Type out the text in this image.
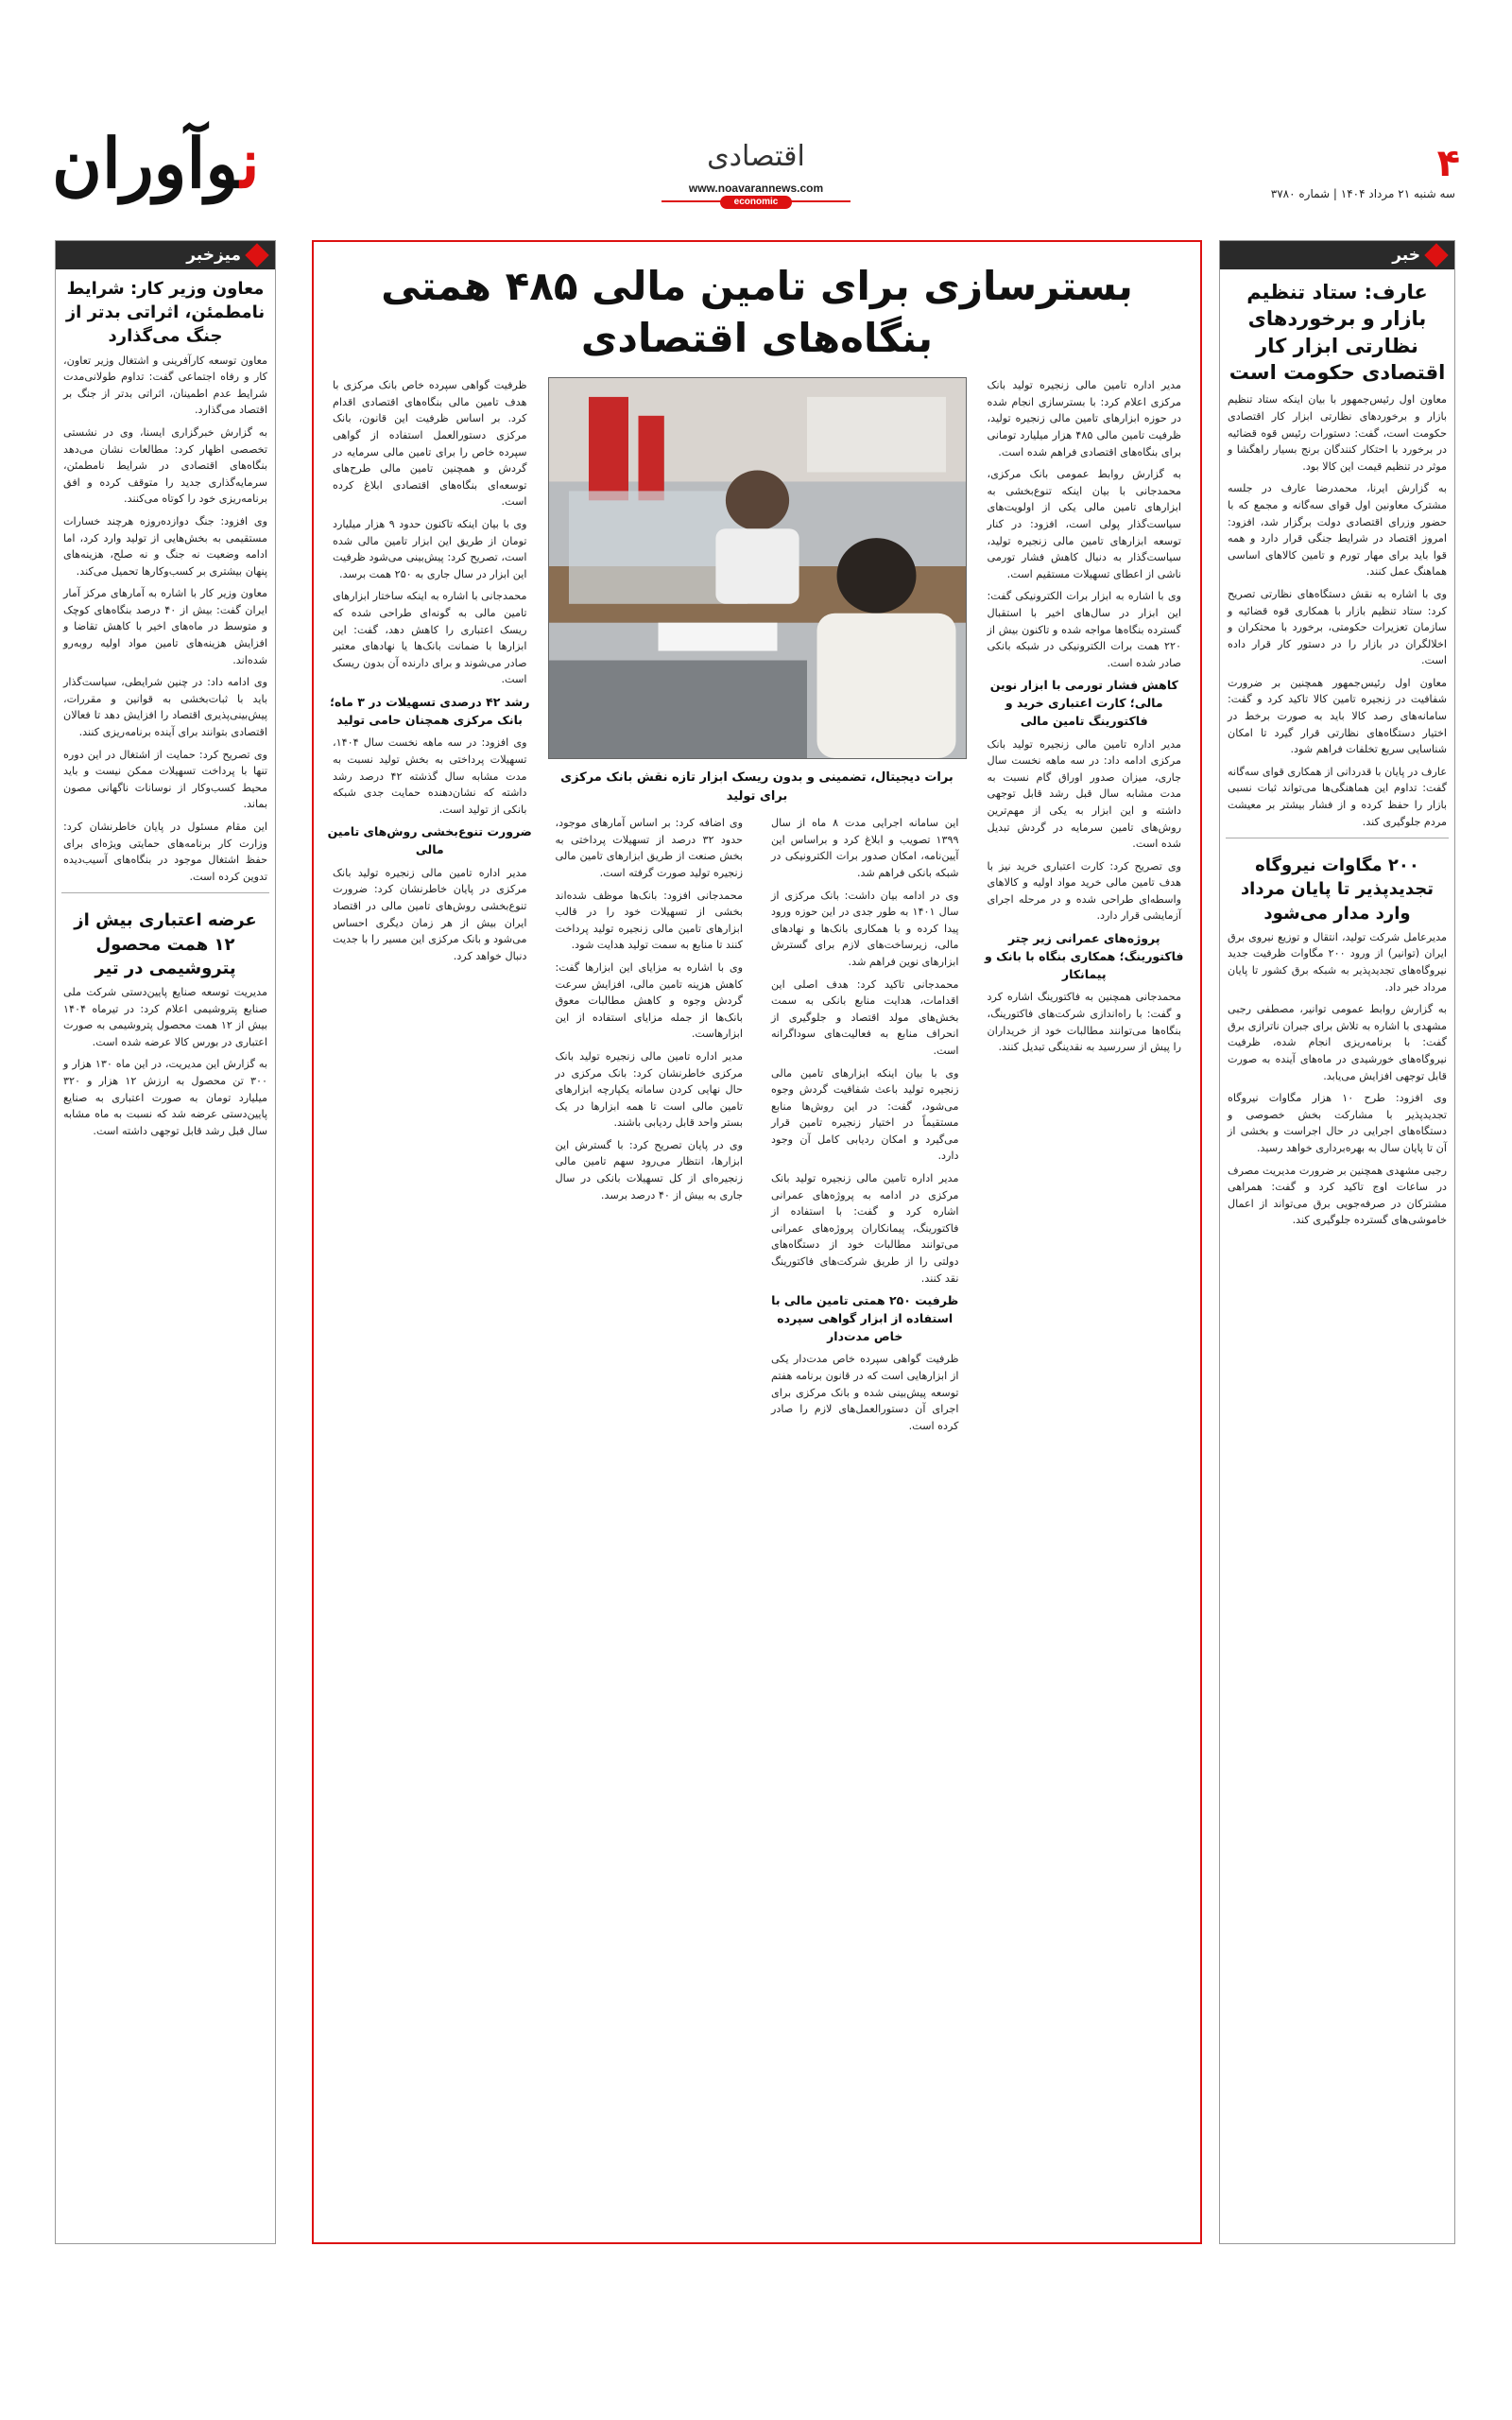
۴
سه شنبه ۲۱ مرداد ۱۴۰۴ | شماره ۳۷۸۰
اقتصادی
www.noavarannews.com
economic
نوآوران
خبر
عارف: ستاد تنظیم بازار و برخوردهای نظارتی ابزار کار اقتصادی حکومت است

معاون اول رئیس‌جمهور با بیان اینکه ستاد تنظیم بازار و برخوردهای نظارتی ابزار کار اقتصادی حکومت است، گفت: دستورات رئیس قوه قضائیه در برخورد با احتکار کنندگان برنج بسیار راهگشا و موثر در تنظیم قیمت این کالا بود.

به گزارش ایرنا، محمدرضا عارف در جلسه مشترک معاونین اول قوای سه‌گانه و مجمع که با حضور وزرای اقتصادی دولت برگزار شد، افزود: امروز اقتصاد در شرایط جنگی قرار دارد و همه قوا باید برای مهار تورم و تامین کالاهای اساسی هماهنگ عمل کنند.

وی با اشاره به نقش دستگاه‌های نظارتی تصریح کرد: ستاد تنظیم بازار با همکاری قوه قضائیه و سازمان تعزیرات حکومتی، برخورد با محتکران و اخلالگران در بازار را در دستور کار قرار داده است.

معاون اول رئیس‌جمهور همچنین بر ضرورت شفافیت در زنجیره تامین کالا تاکید کرد و گفت: سامانه‌های رصد کالا باید به صورت برخط در اختیار دستگاه‌های نظارتی قرار گیرد تا امکان شناسایی سریع تخلفات فراهم شود.

عارف در پایان با قدردانی از همکاری قوای سه‌گانه گفت: تداوم این هماهنگی‌ها می‌تواند ثبات نسبی بازار را حفظ کرده و از فشار بیشتر بر معیشت مردم جلوگیری کند.

۲۰۰ مگاوات نیروگاه تجدیدپذیر تا پایان مرداد وارد مدار می‌شود

مدیرعامل شرکت تولید، انتقال و توزیع نیروی برق ایران (توانیر) از ورود ۲۰۰ مگاوات ظرفیت جدید نیروگاه‌های تجدیدپذیر به شبکه برق کشور تا پایان مرداد خبر داد.

به گزارش روابط عمومی توانیر، مصطفی رجبی مشهدی با اشاره به تلاش برای جبران ناترازی برق گفت: با برنامه‌ریزی انجام شده، ظرفیت نیروگاه‌های خورشیدی در ماه‌های آینده به صورت قابل توجهی افزایش می‌یابد.

وی افزود: طرح ۱۰ هزار مگاوات نیروگاه تجدیدپذیر با مشارکت بخش خصوصی و دستگاه‌های اجرایی در حال اجراست و بخشی از آن تا پایان سال به بهره‌برداری خواهد رسید.

رجبی مشهدی همچنین بر ضرورت مدیریت مصرف در ساعات اوج تاکید کرد و گفت: همراهی مشترکان در صرفه‌جویی برق می‌تواند از اعمال خاموشی‌های گسترده جلوگیری کند.

بسترسازی برای تامین مالی ۴۸۵ همتی بنگاه‌های اقتصادی

مدیر اداره تامین مالی زنجیره تولید بانک مرکزی اعلام کرد: با بسترسازی انجام شده در حوزه ابزارهای تامین مالی زنجیره تولید، ظرفیت تامین مالی ۴۸۵ هزار میلیارد تومانی برای بنگاه‌های اقتصادی فراهم شده است.

به گزارش روابط عمومی بانک مرکزی، محمدجانی با بیان اینکه تنوع‌بخشی به ابزارهای تامین مالی یکی از اولویت‌های سیاست‌گذار پولی است، افزود: در کنار توسعه ابزارهای تامین مالی زنجیره تولید، سیاست‌گذار به دنبال کاهش فشار تورمی ناشی از اعطای تسهیلات مستقیم است.

وی با اشاره به ابزار برات الکترونیکی گفت: این ابزار در سال‌های اخیر با استقبال گسترده بنگاه‌ها مواجه شده و تاکنون بیش از ۲۲۰ همت برات الکترونیکی در شبکه بانکی صادر شده است.

کاهش فشار تورمی با ابزار نوین مالی؛ کارت اعتباری خرید و فاکتورینگ تامین مالی

مدیر اداره تامین مالی زنجیره تولید بانک مرکزی ادامه داد: در سه ماهه نخست سال جاری، میزان صدور اوراق گام نسبت به مدت مشابه سال قبل رشد قابل توجهی داشته و این ابزار به یکی از مهم‌ترین روش‌های تامین سرمایه در گردش تبدیل شده است.

وی تصریح کرد: کارت اعتباری خرید نیز با هدف تامین مالی خرید مواد اولیه و کالاهای واسطه‌ای طراحی شده و در مرحله اجرای آزمایشی قرار دارد.

پروژه‌های عمرانی زیر چتر فاکتورینگ؛ همکاری بنگاه با بانک و پیمانکار

محمدجانی همچنین به فاکتورینگ اشاره کرد و گفت: با راه‌اندازی شرکت‌های فاکتورینگ، بنگاه‌ها می‌توانند مطالبات خود از خریداران را پیش از سررسید به نقدینگی تبدیل کنند.

برات دیجیتال، تضمینی و بدون ریسک ابزار تازه نقش بانک مرکزی برای تولید

این سامانه اجرایی مدت ۸ ماه از سال ۱۳۹۹ تصویب و ابلاغ کرد و براساس این آیین‌نامه، امکان صدور برات الکترونیکی در شبکه بانکی فراهم شد.

وی در ادامه بیان داشت: بانک مرکزی از سال ۱۴۰۱ به طور جدی در این حوزه ورود پیدا کرده و با همکاری بانک‌ها و نهادهای مالی، زیرساخت‌های لازم برای گسترش ابزارهای نوین فراهم شد.

محمدجانی تاکید کرد: هدف اصلی این اقدامات، هدایت منابع بانکی به سمت بخش‌های مولد اقتصاد و جلوگیری از انحراف منابع به فعالیت‌های سوداگرانه است.

وی با بیان اینکه ابزارهای تامین مالی زنجیره تولید باعث شفافیت گردش وجوه می‌شود، گفت: در این روش‌ها منابع مستقیماً در اختیار زنجیره تامین قرار می‌گیرد و امکان ردیابی کامل آن وجود دارد.

مدیر اداره تامین مالی زنجیره تولید بانک مرکزی در ادامه به پروژه‌های عمرانی اشاره کرد و گفت: با استفاده از فاکتورینگ، پیمانکاران پروژه‌های عمرانی می‌توانند مطالبات خود از دستگاه‌های دولتی را از طریق شرکت‌های فاکتورینگ نقد کنند.

ظرفیت ۲۵۰ همتی تامین مالی با استفاده از ابزار گواهی سپرده خاص مدت‌دار

ظرفیت گواهی سپرده خاص مدت‌دار یکی از ابزارهایی است که در قانون برنامه هفتم توسعه پیش‌بینی شده و بانک مرکزی برای اجرای آن دستورالعمل‌های لازم را صادر کرده است.

وی اضافه کرد: بر اساس آمارهای موجود، حدود ۳۲ درصد از تسهیلات پرداختی به بخش صنعت از طریق ابزارهای تامین مالی زنجیره تولید صورت گرفته است.

محمدجانی افزود: بانک‌ها موظف شده‌اند بخشی از تسهیلات خود را در قالب ابزارهای تامین مالی زنجیره تولید پرداخت کنند تا منابع به سمت تولید هدایت شود.

وی با اشاره به مزایای این ابزارها گفت: کاهش هزینه تامین مالی، افزایش سرعت گردش وجوه و کاهش مطالبات معوق بانک‌ها از جمله مزایای استفاده از این ابزارهاست.

مدیر اداره تامین مالی زنجیره تولید بانک مرکزی خاطرنشان کرد: بانک مرکزی در حال نهایی کردن سامانه یکپارچه ابزارهای تامین مالی است تا همه ابزارها در یک بستر واحد قابل ردیابی باشند.

وی در پایان تصریح کرد: با گسترش این ابزارها، انتظار می‌رود سهم تامین مالی زنجیره‌ای از کل تسهیلات بانکی در سال جاری به بیش از ۴۰ درصد برسد.

ظرفیت گواهی سپرده خاص بانک مرکزی با هدف تامین مالی بنگاه‌های اقتصادی اقدام کرد. بر اساس ظرفیت این قانون، بانک مرکزی دستورالعمل استفاده از گواهی سپرده خاص را برای تامین مالی سرمایه در گردش و همچنین تامین مالی طرح‌های توسعه‌ای بنگاه‌های اقتصادی ابلاغ کرده است.

وی با بیان اینکه تاکنون حدود ۹ هزار میلیارد تومان از طریق این ابزار تامین مالی شده است، تصریح کرد: پیش‌بینی می‌شود ظرفیت این ابزار در سال جاری به ۲۵۰ همت برسد.

محمدجانی با اشاره به اینکه ساختار ابزارهای تامین مالی به گونه‌ای طراحی شده که ریسک اعتباری را کاهش دهد، گفت: این ابزارها با ضمانت بانک‌ها یا نهادهای معتبر صادر می‌شوند و برای دارنده آن بدون ریسک است.

رشد ۴۲ درصدی تسهیلات در ۳ ماه؛ بانک مرکزی همچنان حامی تولید

وی افزود: در سه ماهه نخست سال ۱۴۰۴، تسهیلات پرداختی به بخش تولید نسبت به مدت مشابه سال گذشته ۴۲ درصد رشد داشته که نشان‌دهنده حمایت جدی شبکه بانکی از تولید است.

ضرورت تنوع‌بخشی روش‌های تامین مالی

مدیر اداره تامین مالی زنجیره تولید بانک مرکزی در پایان خاطرنشان کرد: ضرورت تنوع‌بخشی روش‌های تامین مالی در اقتصاد ایران بیش از هر زمان دیگری احساس می‌شود و بانک مرکزی این مسیر را با جدیت دنبال خواهد کرد.

میزخبر
معاون وزیر کار: شرایط نامطمئن، اثراتی بدتر از جنگ می‌گذارد

معاون توسعه کارآفرینی و اشتغال وزیر تعاون، کار و رفاه اجتماعی گفت: تداوم طولانی‌مدت شرایط عدم اطمینان، اثراتی بدتر از جنگ بر اقتصاد می‌گذارد.

به گزارش خبرگزاری ایسنا، وی در نشستی تخصصی اظهار کرد: مطالعات نشان می‌دهد بنگاه‌های اقتصادی در شرایط نامطمئن، سرمایه‌گذاری جدید را متوقف کرده و افق برنامه‌ریزی خود را کوتاه می‌کنند.

وی افزود: جنگ دوازده‌روزه هرچند خسارات مستقیمی به بخش‌هایی از تولید وارد کرد، اما ادامه وضعیت نه جنگ و نه صلح، هزینه‌های پنهان بیشتری بر کسب‌وکارها تحمیل می‌کند.

معاون وزیر کار با اشاره به آمارهای مرکز آمار ایران گفت: بیش از ۴۰ درصد بنگاه‌های کوچک و متوسط در ماه‌های اخیر با کاهش تقاضا و افزایش هزینه‌های تامین مواد اولیه روبه‌رو شده‌اند.

وی ادامه داد: در چنین شرایطی، سیاست‌گذار باید با ثبات‌بخشی به قوانین و مقررات، پیش‌بینی‌پذیری اقتصاد را افزایش دهد تا فعالان اقتصادی بتوانند برای آینده برنامه‌ریزی کنند.

وی تصریح کرد: حمایت از اشتغال در این دوره تنها با پرداخت تسهیلات ممکن نیست و باید محیط کسب‌وکار از نوسانات ناگهانی مصون بماند.

این مقام مسئول در پایان خاطرنشان کرد: وزارت کار برنامه‌های حمایتی ویژه‌ای برای حفظ اشتغال موجود در بنگاه‌های آسیب‌دیده تدوین کرده است.

عرضه اعتباری بیش از ۱۲ همت محصول پتروشیمی در تیر

مدیریت توسعه صنایع پایین‌دستی شرکت ملی صنایع پتروشیمی اعلام کرد: در تیرماه ۱۴۰۴ بیش از ۱۲ همت محصول پتروشیمی به صورت اعتباری در بورس کالا عرضه شده است.

به گزارش این مدیریت، در این ماه ۱۳۰ هزار و ۳۰۰ تن محصول به ارزش ۱۲ هزار و ۳۲۰ میلیارد تومان به صورت اعتباری به صنایع پایین‌دستی عرضه شد که نسبت به ماه مشابه سال قبل رشد قابل توجهی داشته است.
